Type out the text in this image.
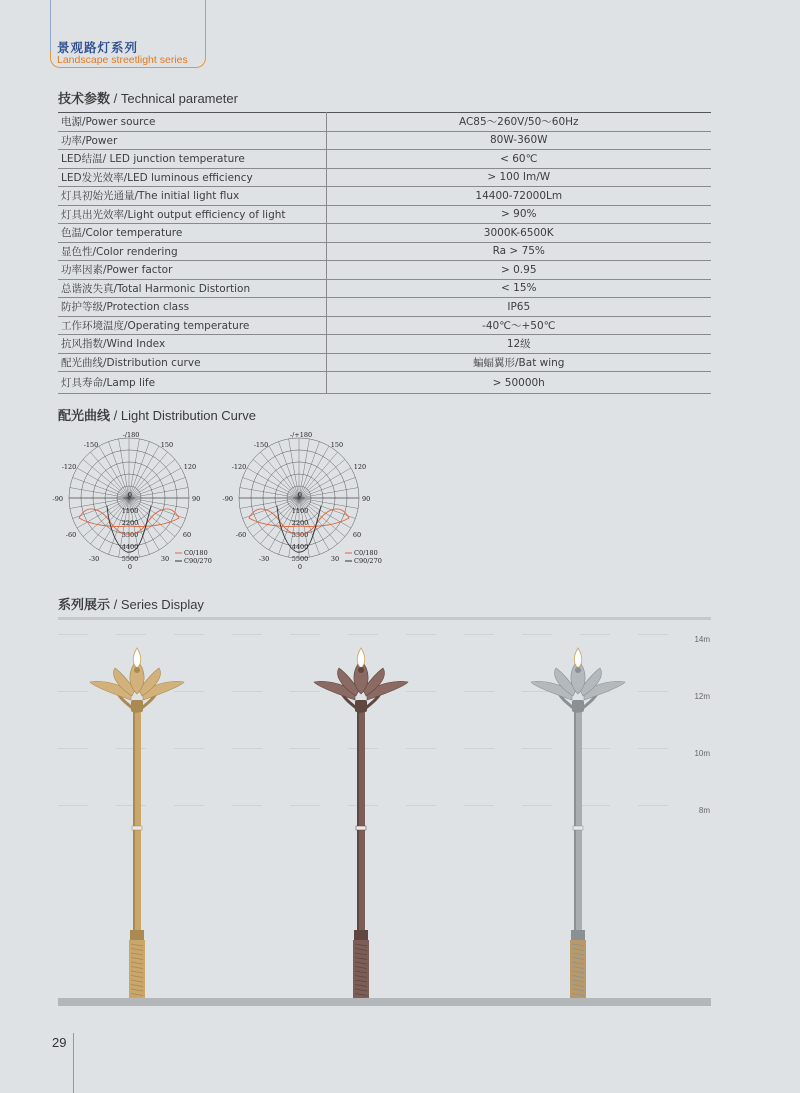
景观路灯系列
Landscape streetlight series
技术参数 / Technical parameter
电源/Power source	AC85～260V/50～60Hz
功率/Power	80W-360W
LED结温/ LED junction temperature	< 60℃
LED发光效率/LED luminous efficiency	> 100 Im/W
灯具初始光通量/The initial light flux	14400-72000Lm
灯具出光效率/Light output efficiency of light	> 90%
色温/Color temperature	3000K-6500K
显色性/Color rendering	Ra > 75%
功率因素/Power factor	> 0.95
总谐波失真/Total Harmonic Distortion	< 15%
防护等级/Protection class	IP65
工作环境温度/Operating temperature	-40℃～+50℃
抗风指数/Wind Index	12级
配光曲线/Distribution curve	蝙蝠翼形/Bat wing
灯具寿命/Lamp life	> 50000h
配光曲线 / Light Distribution Curve
-/180
-150	150
-120	120
-90	90
-60	60
-30	30
0
0
1100
2200
3300
4400
5500
C0/180
C90/270
-/+180
-150	150
-120	120
-90	90
-60	60
-30	30
0
0
1100
2200
3300
4400
5500
C0/180
C90/270
系列展示 / Series Display
14m
12m
10m
8m
29
